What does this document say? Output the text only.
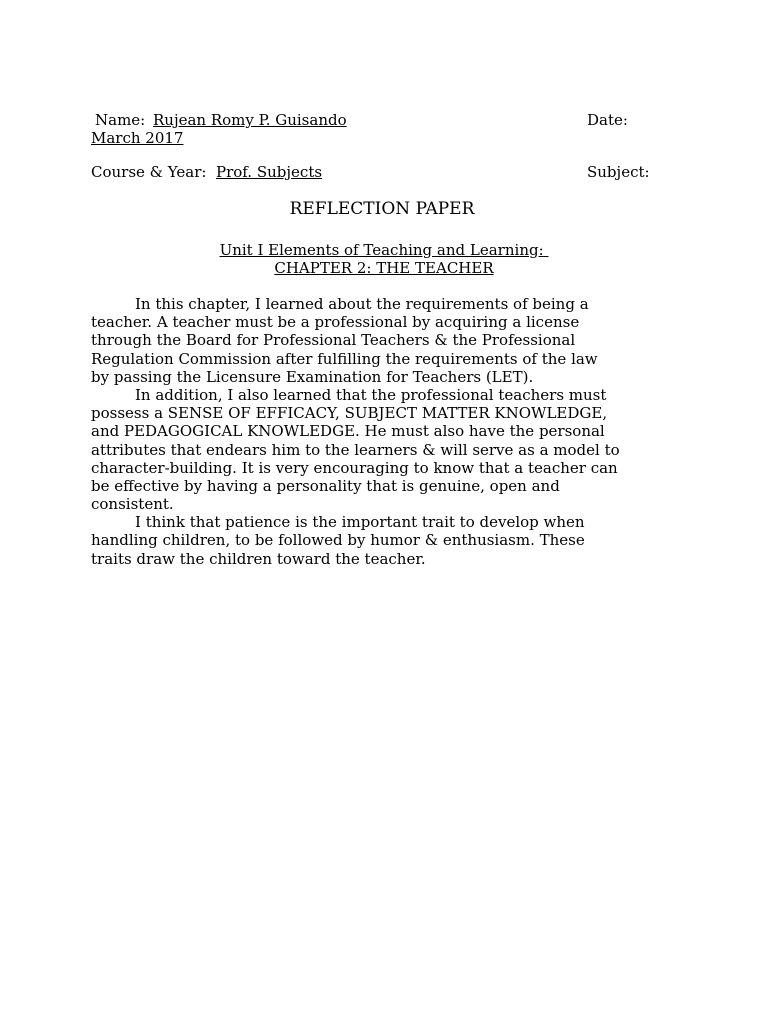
Name: Rujean Romy P. Guisando	Date:
March 2017
Course & Year: Prof. Subjects	Subject:
REFLECTION PAPER
Unit I Elements of Teaching and Learning:
CHAPTER 2: THE TEACHER
In this chapter, I learned about the requirements of being a
teacher. A teacher must be a professional by acquiring a license
through the Board for Professional Teachers & the Professional
Regulation Commission after fulfilling the requirements of the law
by passing the Licensure Examination for Teachers (LET).
In addition, I also learned that the professional teachers must
possess a SENSE OF EFFICACY, SUBJECT MATTER KNOWLEDGE,
and PEDAGOGICAL KNOWLEDGE. He must also have the personal
attributes that endears him to the learners & will serve as a model to
character-building. It is very encouraging to know that a teacher can
be effective by having a personality that is genuine, open and
consistent.
I think that patience is the important trait to develop when
handling children, to be followed by humor & enthusiasm. These
traits draw the children toward the teacher.
